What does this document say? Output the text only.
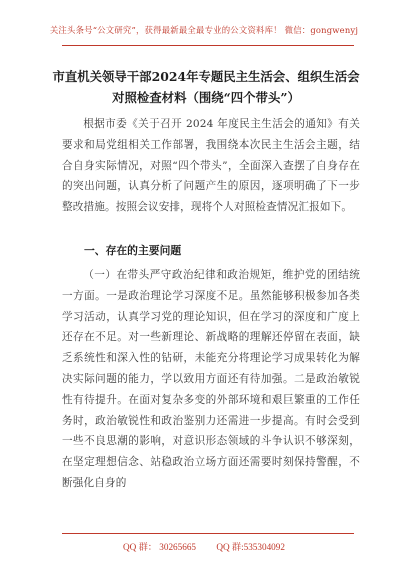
关注头条号“公文研究”，获得最新最全最专业的公文资料库！ 微信：gongwenyj
市直机关领导干部2024年专题民主生活会、组织生活会对照检查材料（围绕“四个带头”）
根据市委《关于召开 2024 年度民主生活会的通知》有关要求和局党组相关工作部署，我围绕本次民主生活会主题，结合自身实际情况，对照“四个带头”，全面深入查摆了自身存在的突出问题，认真分析了问题产生的原因，逐项明确了下一步整改措施。按照会议安排，现将个人对照检查情况汇报如下。
一、存在的主要问题
（一）在带头严守政治纪律和政治规矩，维护党的团结统一方面。一是政治理论学习深度不足。虽然能够积极参加各类学习活动，认真学习党的理论知识，但在学习的深度和广度上还存在不足。对一些新理论、新战略的理解还停留在表面，缺乏系统性和深入性的钻研，未能充分将理论学习成果转化为解决实际问题的能力，学以致用方面还有待加强。二是政治敏锐性有待提升。在面对复杂多变的外部环境和艰巨繁重的工作任务时，政治敏锐性和政治鉴别力还需进一步提高。有时会受到一些不良思潮的影响，对意识形态领域的斗争认识不够深刻，在坚定理想信念、站稳政治立场方面还需要时刻保持警醒，不断强化自身的
QQ 群： 30265665 QQ 群:535304092
